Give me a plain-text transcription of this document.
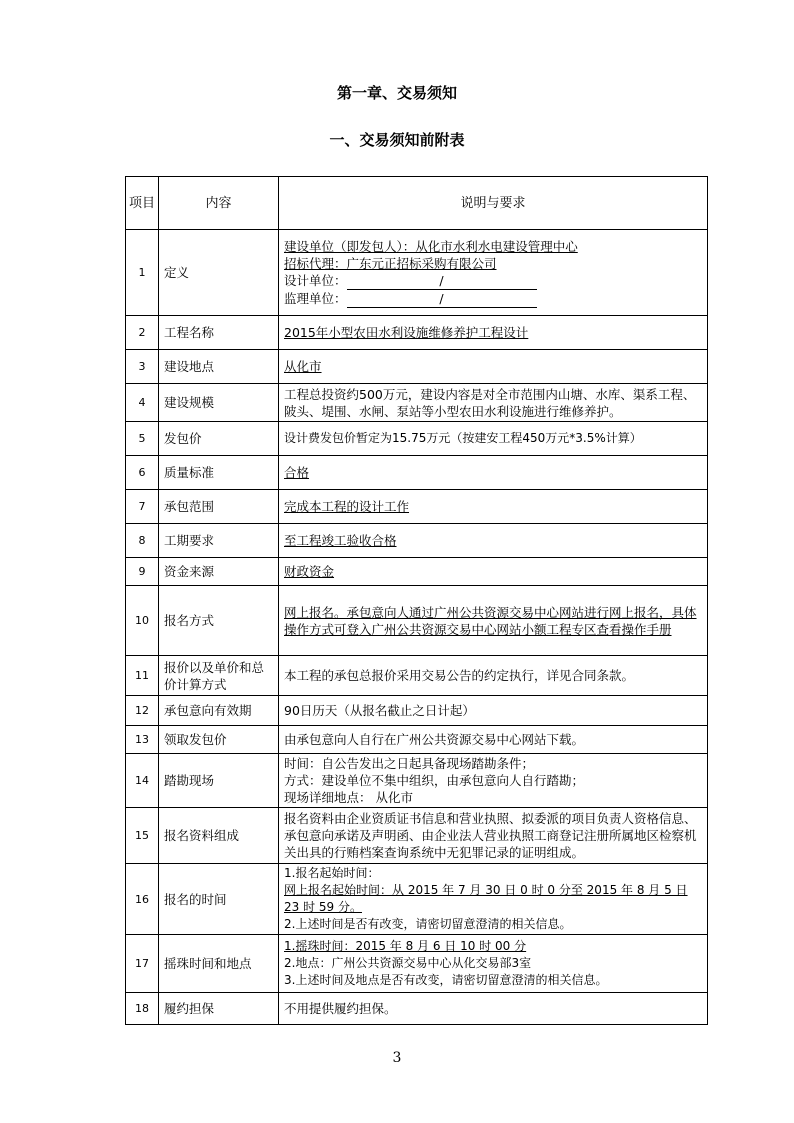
第一章、交易须知
一、交易须知前附表
项目	内容	说明与要求
1	定义	建设单位（即发包人）：从化市水利水电建设管理中心
招标代理：广东元正招标采购有限公司
设计单位： /
监理单位： /

2	工程名称	2015年小型农田水利设施维修养护工程设计
3	建设地点	从化市
4	建设规模	工程总投资约500万元，建设内容是对全市范围内山塘、水库、渠系工程、陂头、堤围、水闸、泵站等小型农田水利设施进行维修养护。
5	发包价	设计费发包价暂定为15.75万元（按建安工程450万元*3.5%计算）
6	质量标准	合格
7	承包范围	完成本工程的设计工作
8	工期要求	至工程竣工验收合格
9	资金来源	财政资金
10	报名方式	网上报名。承包意向人通过广州公共资源交易中心网站进行网上报名，具体操作方式可登入广州公共资源交易中心网站小额工程专区查看操作手册
11	报价以及单价和总价计算方式	本工程的承包总报价采用交易公告的约定执行，详见合同条款。
12	承包意向有效期	90日历天（从报名截止之日计起）
13	领取发包价	由承包意向人自行在广州公共资源交易中心网站下载。
14	踏勘现场	时间：自公告发出之日起具备现场踏勘条件；
方式：建设单位不集中组织，由承包意向人自行踏勘；
现场详细地点： 从化市

15	报名资料组成	报名资料由企业资质证书信息和营业执照、拟委派的项目负责人资格信息、承包意向承诺及声明函、由企业法人营业执照工商登记注册所属地区检察机关出具的行贿档案查询系统中无犯罪记录的证明组成。
16	报名的时间	1.报名起始时间：
网上报名起始时间：从 2015 年 7 月 30 日 0 时 0 分至 2015 年 8 月 5 日 23 时 59 分。
2.上述时间是否有改变，请密切留意澄清的相关信息。

17	摇珠时间和地点	1.摇珠时间：2015 年 8 月 6 日 10 时 00 分
2.地点：广州公共资源交易中心从化交易部3室
3.上述时间及地点是否有改变，请密切留意澄清的相关信息。

18	履约担保	不用提供履约担保。
3
